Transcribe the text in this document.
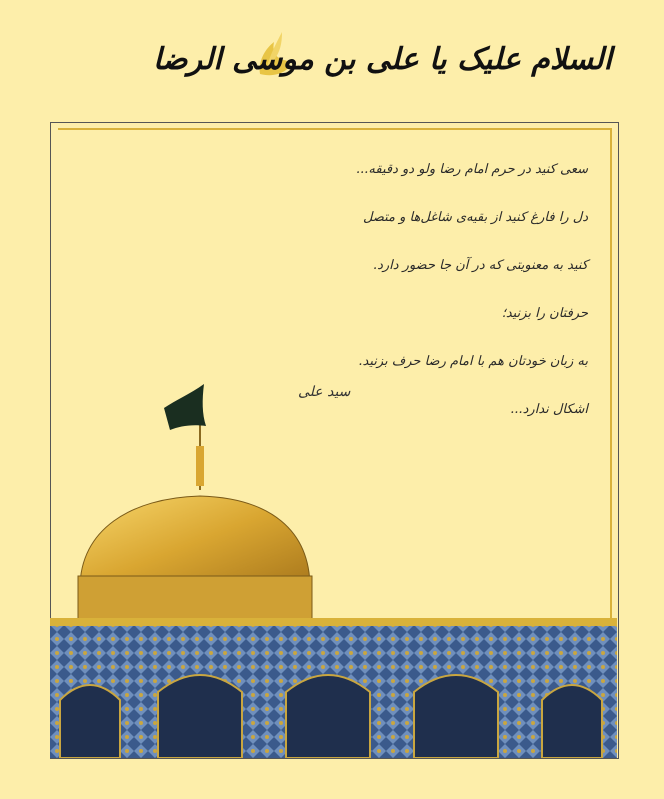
السلام علیک یا علی بن موسی الرضا
سعی کنید در حرم امام رضا ولو دو دقیقه...
دل را فارغ کنید از بقیه‌ی شاغل‌ها و متصل
کنید به معنویتی که در آن جا حضور دارد.
حرفتان را بزنید؛
به زبان خودتان هم با امام رضا حرف بزنید.
اشکال ندارد...
سید علی
